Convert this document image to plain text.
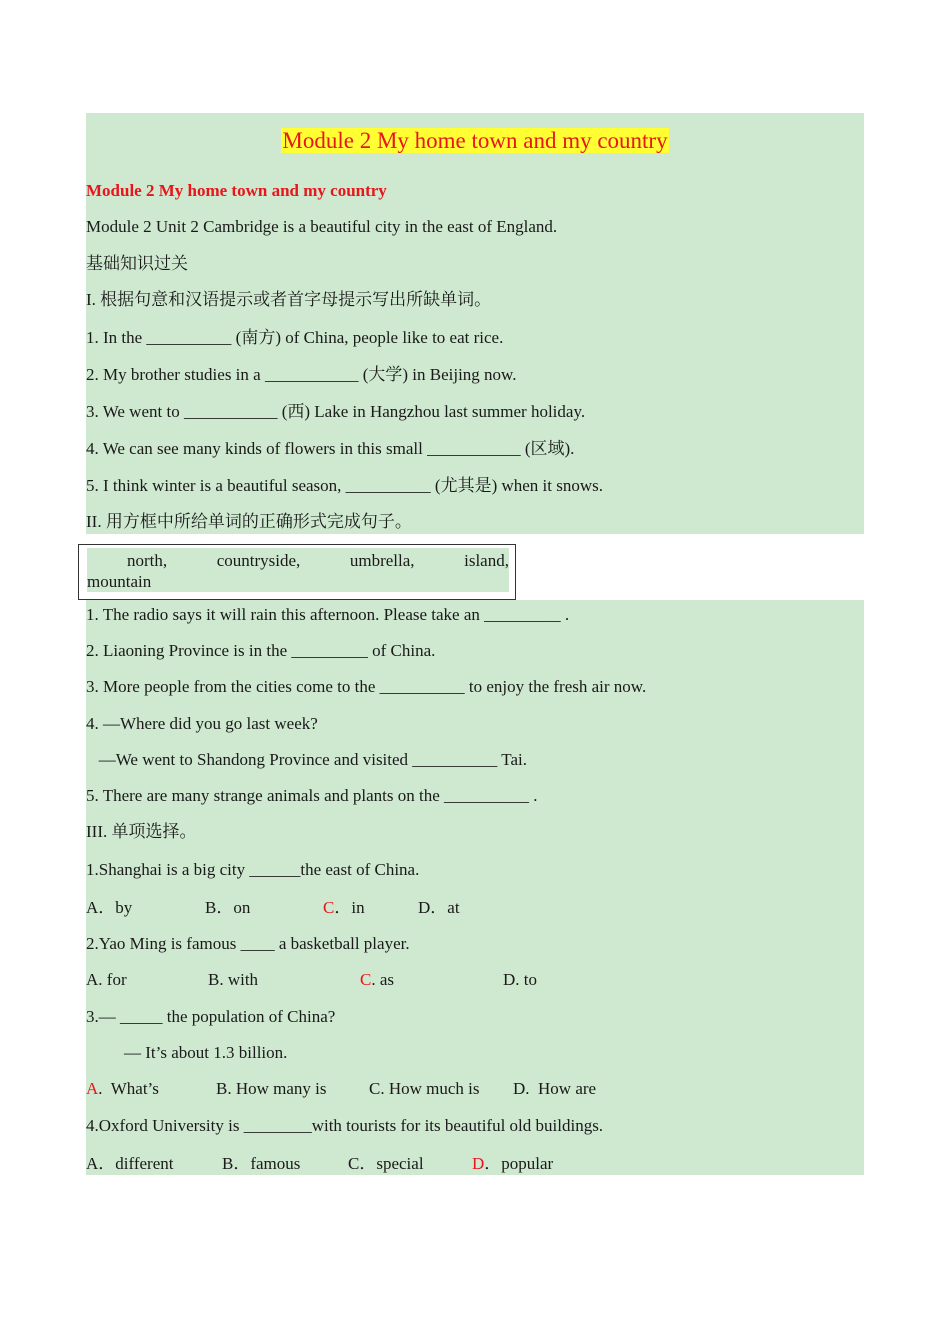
Module 2 My home town and my country
Module 2 My home town and my country
Module 2 Unit 2 Cambridge is a beautiful city in the east of England.
基础知识过关
I. 根据句意和汉语提示或者首字母提示写出所缺单词。
1. In the __________ (南方) of China, people like to eat rice.
2. My brother studies in a ___________ (大学) in Beijing now.
3. We went to ___________ (西) Lake in Hangzhou last summer holiday.
4. We can see many kinds of flowers in this small ___________ (区域).
5. I think winter is a beautiful season, __________ (尤其是) when it snows.
II. 用方框中所给单词的正确形式完成句子。
north,	countryside,	umbrella,	island,
mountain
1. The radio says it will rain this afternoon. Please take an _________ .
2. Liaoning Province is in the _________ of China.
3. More people from the cities come to the __________ to enjoy the fresh air now.
4. —Where did you go last week?
—We went to Shandong Province and visited __________ Tai.
5. There are many strange animals and plants on the __________ .
III. 单项选择。
1.Shanghai is a big city ______the east of China.
A．by	B．on	C．in	D．at
2.Yao Ming is famous ____ a basketball player.
A. for	B. with	C. as	D. to
3.— _____ the population of China?
— It’s about 1.3 billion.
A.  What’s	B. How many is	C. How much is D.  How are
4.Oxford University is ________with tourists for its beautiful old buildings.
A．different	B．famous	C．special	D．popular
